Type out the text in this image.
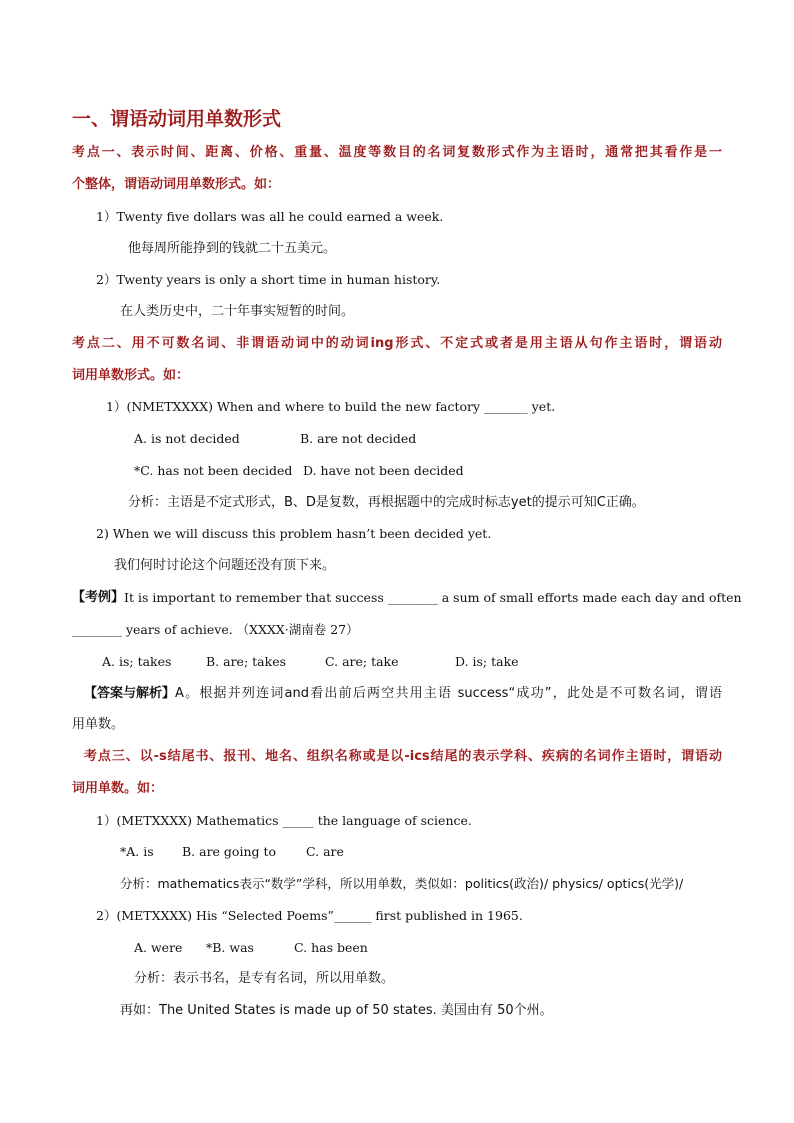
一、谓语动词用单数形式
考点一、表示时间、距离、价格、重量、温度等数目的名词复数形式作为主语时，通常把其看作是一
个整体，谓语动词用单数形式。如：
1）Twenty five dollars was all he could earned a week.
他每周所能挣到的钱就二十五美元。
2）Twenty years is only a short time in human history.
在人类历史中，二十年事实短暂的时间。
考点二、用不可数名词、非谓语动词中的动词ing形式、不定式或者是用主语从句作主语时，谓语动
词用单数形式。如：
1）(NMETXXXX) When and where to build the new factory _______ yet.
A. is not decided	B. are not decided
*C. has not been decided D. have not been decided
分析：主语是不定式形式，B、D是复数，再根据题中的完成时标志yet的提示可知C正确。
2) When we will discuss this problem hasn’t been decided yet.
我们何时讨论这个问题还没有顶下来。
【考例】 It is important to remember that success ________ a sum of small efforts made each day and often
________ years of achieve. （XXXX·湖南卷 27）
A. is; takes	B. are; takes	C. are; take	D. is; take
【答案与解析】 A。根据并列连词and看出前后两空共用主语 success“成功”，此处是不可数名词，谓语
用单数。
考点三、以-s结尾书、报刊、地名、组织名称或是以-ics结尾的表示学科、疾病的名词作主语时，谓语动
词用单数。如：
1）(METXXXX) Mathematics _____ the language of science.
*A. is B. are going to C. are
分析：mathematics表示“数学”学科，所以用单数，类似如：politics(政治)/ physics/ optics(光学)/
2）(METXXXX) His “Selected Poems”______ first published in 1965.
A. were *B. was	C. has been
分析：表示书名，是专有名词，所以用单数。
再如：The United States is made up of 50 states. 美国由有 50个州。
